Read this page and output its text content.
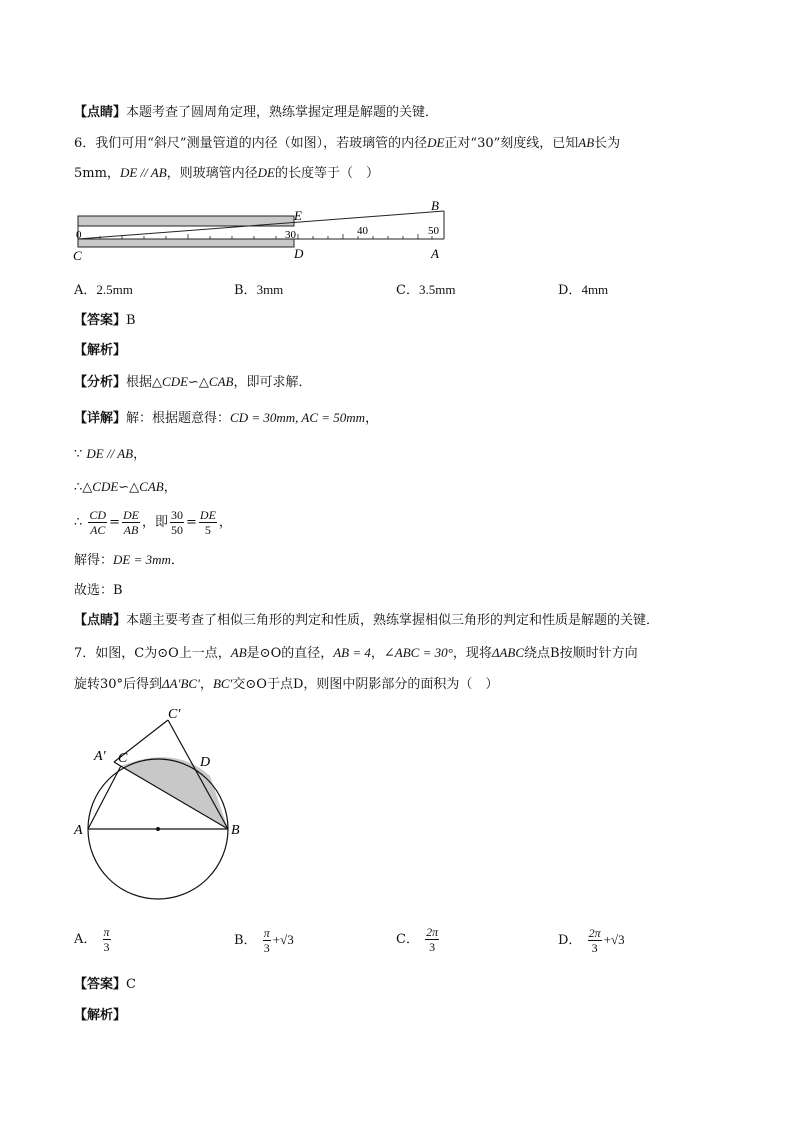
【点睛】本题考查了圆周角定理，熟练掌握定理是解题的关键．
6．我们可用“斜尺”测量管道的内径（如图），若玻璃管的内径DE正对“30”刻度线，已知AB长为
5mm，DE // AB，则玻璃管内径DE的长度等于（　）
0	30	40	50
E
B
C	D	A
A．2.5mm	B．3mm	C．3.5mm	D．4mm
【答案】B
【解析】
【分析】根据△CDE∽△CAB，即可求解．
【详解】解：根据题意得：CD = 30mm, AC = 50mm，
∵ DE // AB，
∴△CDE∽△CAB，
∴ $\frac{CD}{AC} = \frac{DE}{AB}$ ，即 $\frac{30}{50} = \frac{DE}{5}$ ，
解得：DE = 3mm．
故选：B
【点睛】本题主要考查了相似三角形的判定和性质，熟练掌握相似三角形的判定和性质是解题的关键．
7．如图，C为⊙O上一点，AB是⊙O的直径，AB = 4，∠ABC = 30°，现将ΔABC绕点B按顺时针方向
旋转30°后得到ΔA′BC′，BC′交⊙O于点D，则图中阴影部分的面积为（　）
C′
A′ C	D
A	B
A． $\frac{\pi}{3}$	B． $\frac{\pi}{3} +√3$	C． $\frac{2\pi}{3}$	D． $\frac{2\pi}{3} +√3$
【答案】C
【解析】
